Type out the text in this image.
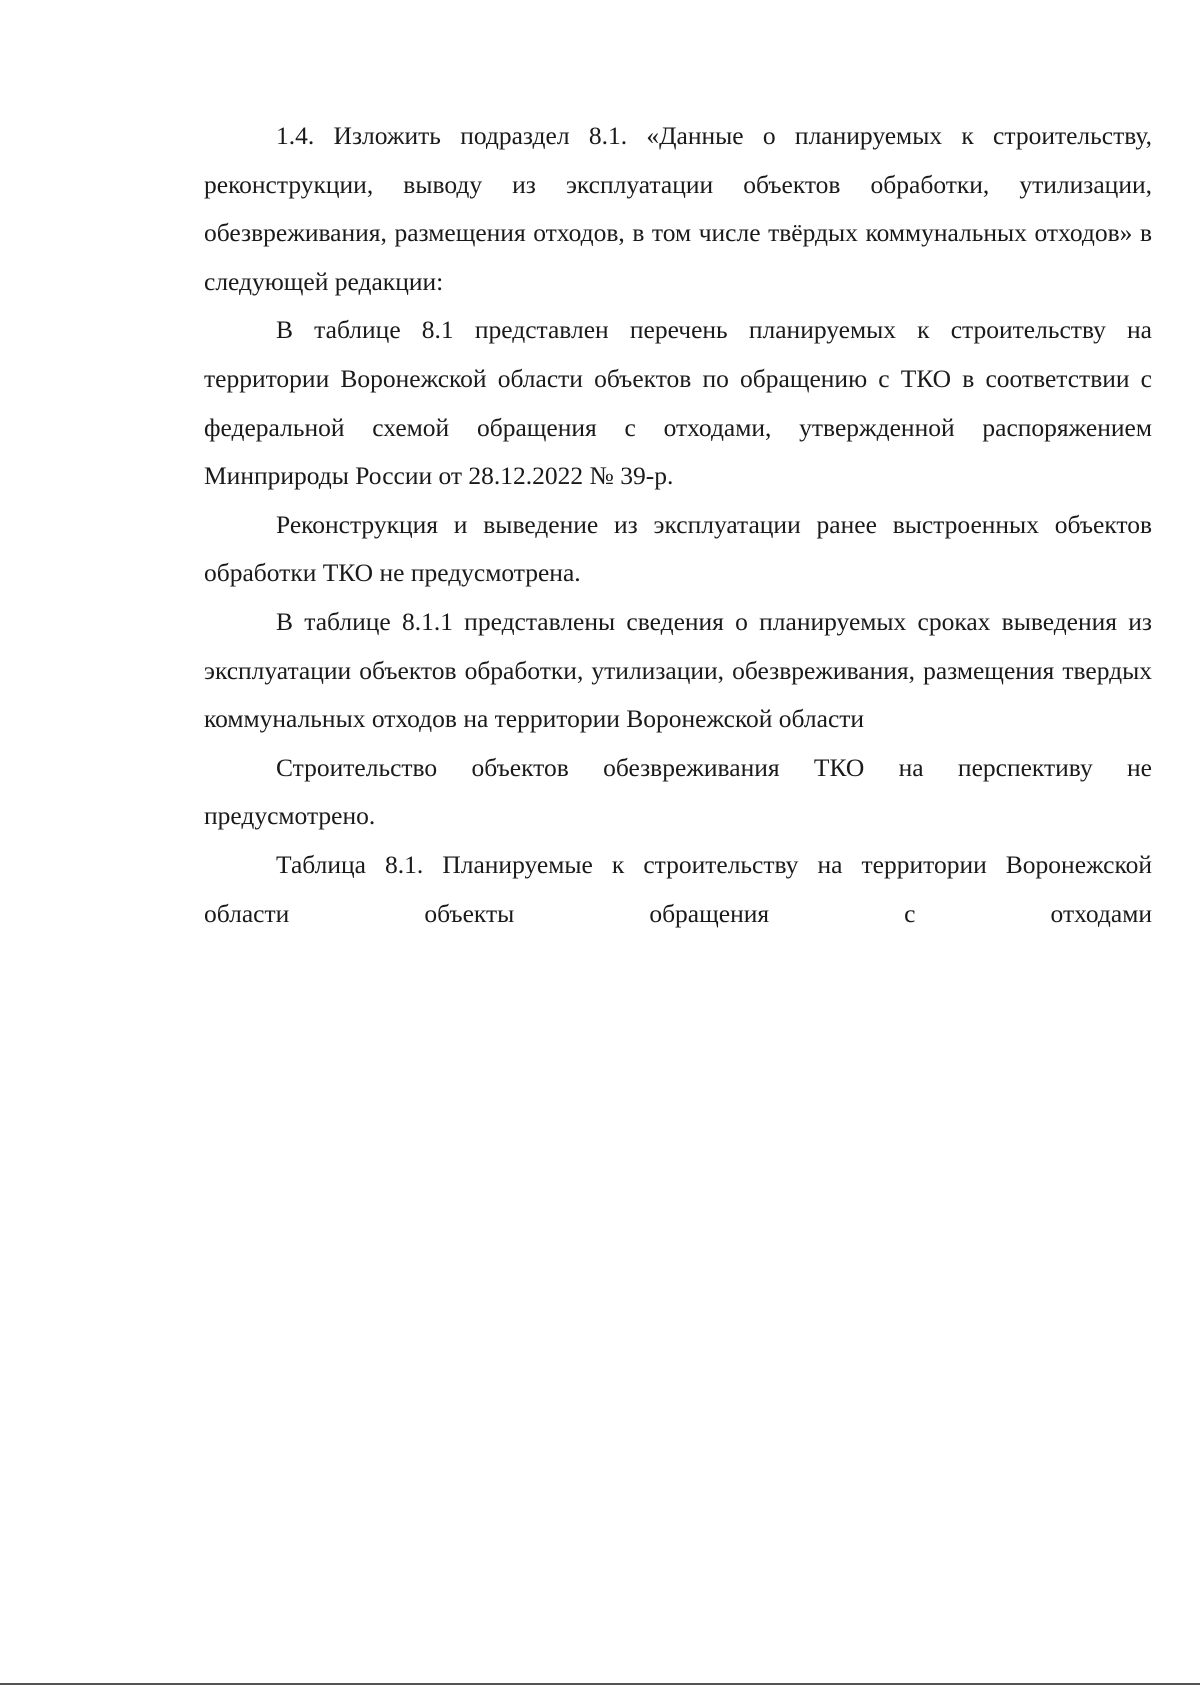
1.4. Изложить подраздел 8.1. «Данные о планируемых к строительству, реконструкции, выводу из эксплуатации объектов обработки, утилизации, обезвреживания, размещения отходов, в том числе твёрдых коммунальных отходов» в следующей редакции:

В таблице 8.1 представлен перечень планируемых к строительству на территории Воронежской области объектов по обращению с ТКО в соответствии с федеральной схемой обращения с отходами, утвержденной распоряжением Минприроды России от 28.12.2022 № 39-р.

Реконструкция и выведение из эксплуатации ранее выстроенных объектов обработки ТКО не предусмотрена.

В таблице 8.1.1 представлены сведения о планируемых сроках выведения из эксплуатации объектов обработки, утилизации, обезвреживания, размещения твердых коммунальных отходов на территории Воронежской области

Строительство объектов обезвреживания ТКО на перспективу не предусмотрено.

Таблица 8.1. Планируемые к строительству на территории Воронежской области объекты обращения с отходами
